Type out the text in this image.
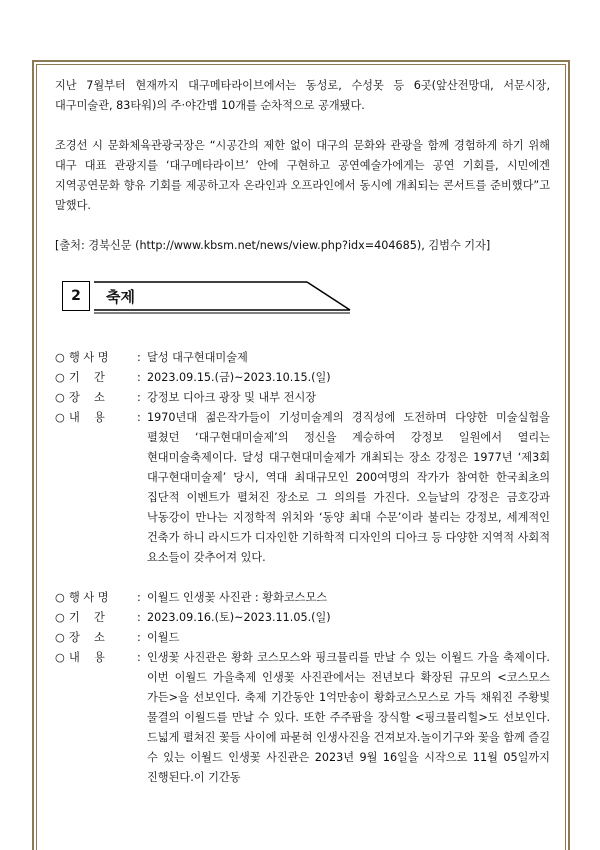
지난 7월부터 현재까지 대구메타라이브에서는 동성로, 수성못 등 6곳(앞산전망대, 서문시장, 대구미술관, 83타워)의 주·야간맵 10개를 순차적으로 공개됐다.

조경선 시 문화체육관광국장은 “시공간의 제한 없이 대구의 문화와 관광을 함께 경험하게 하기 위해 대구 대표 관광지를 ‘대구메타라이브’ 안에 구현하고 공연예술가에게는 공연 기회를, 시민에겐 지역공연문화 향유 기회를 제공하고자 온라인과 오프라인에서 동시에 개최되는 콘서트를 준비했다”고 말했다.

[출처: 경북신문 (http://www.kbsm.net/news/view.php?idx=404685), 김범수 기자]

2 축제
○ 행 사 명	: 달성 대구현대미술제
○ 기    간	: 2023.09.15.(금)~2023.10.15.(일)
○ 장    소	: 강정보 디아크 광장 및 내부 전시장
○ 내    용	: 1970년대 젊은작가들이 기성미술계의 경직성에 도전하며 다양한 미술실험을 펼쳤던 ‘대구현대미술제’의 정신을 계승하여 강정보 일원에서 열리는 현대미술축제이다. 달성 대구현대미술제가 개최되는 장소 강정은 1977년 ‘제3회 대구현대미술제’ 당시, 역대 최대규모인 200여명의 작가가 참여한 한국최초의 집단적 이벤트가 펼쳐진 장소로 그 의의를 가진다. 오늘날의 강정은 금호강과 낙동강이 만나는 지정학적 위치와 ‘동양 최대 수문’이라 불리는 강정보, 세계적인 건축가 하니 라시드가 디자인한 기하학적 디자인의 디아크 등 다양한 지역적 사회적 요소들이 갖추어져 있다.
○ 행 사 명	: 이월드 인생꽃 사진관 : 황화코스모스
○ 기    간	: 2023.09.16.(토)~2023.11.05.(일)
○ 장    소	: 이월드
○ 내    용	: 인생꽃 사진관은 황화 코스모스와 핑크뮬리를 만날 수 있는 이월드 가을 축제이다.이번 이월드 가을축제 인생꽃 사진관에서는 전년보다 확장된 규모의 <코스모스 가든>을 선보인다. 축제 기간동안 1억만송이 황화코스모스로 가득 채워진 주황빛 물결의 이월드를 만날 수 있다. 또한 주주팜을 장식할 <핑크뮬리힐>도 선보인다. 드넓게 펼쳐진 꽃들 사이에 파묻혀 인생사진을 건져보자.놀이기구와 꽃을 함께 즐길 수 있는 이월드 인생꽃 사진관은 2023년 9월 16일을 시작으로 11월 05일까지 진행된다.이 기간동
